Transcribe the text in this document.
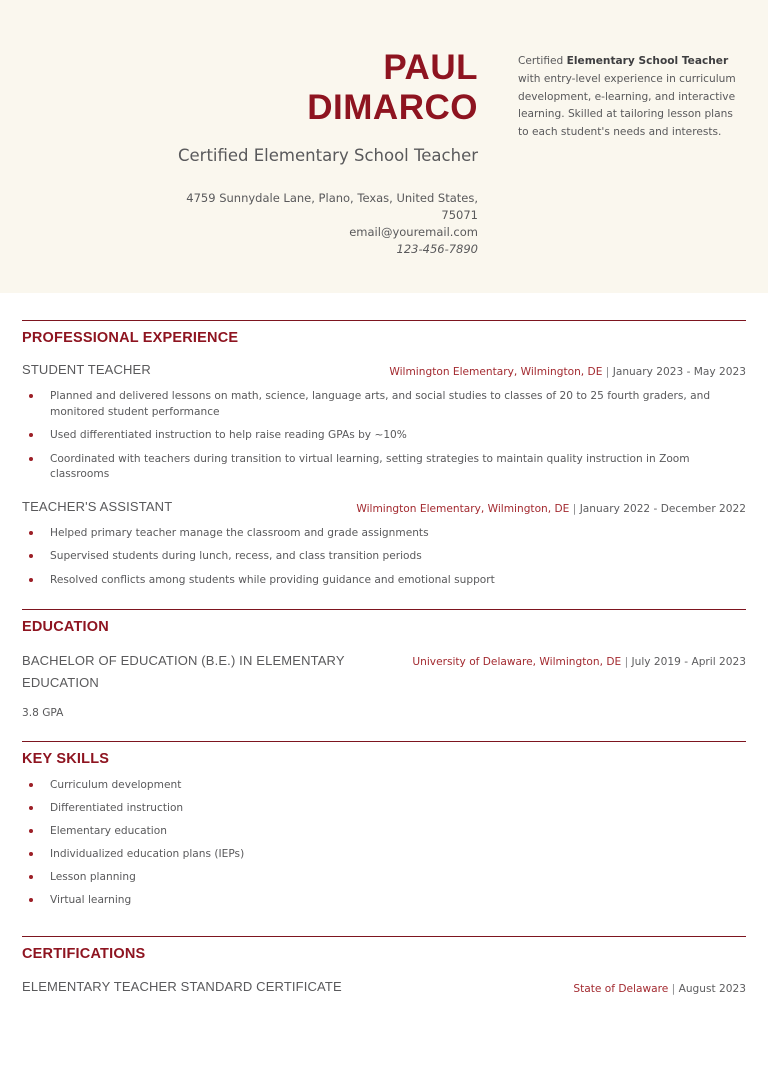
PAUL
DIMARCO
Certified Elementary School Teacher
4759 Sunnydale Lane, Plano, Texas, United States,
75071
email@youremail.com
123-456-7890
Certified Elementary School Teacher with entry-level experience in curriculum development, e-learning, and interactive learning. Skilled at tailoring lesson plans to each student's needs and interests.
PROFESSIONAL EXPERIENCE
STUDENT TEACHER	Wilmington Elementary, Wilmington, DE | January 2023 - May 2023
Planned and delivered lessons on math, science, language arts, and social studies to classes of 20 to 25 fourth graders, and monitored student performance
Used differentiated instruction to help raise reading GPAs by ~10%
Coordinated with teachers during transition to virtual learning, setting strategies to maintain quality instruction in Zoom classrooms
TEACHER'S ASSISTANT	Wilmington Elementary, Wilmington, DE | January 2022 - December 2022
Helped primary teacher manage the classroom and grade assignments
Supervised students during lunch, recess, and class transition periods
Resolved conflicts among students while providing guidance and emotional support
EDUCATION
BACHELOR OF EDUCATION (B.E.) IN ELEMENTARY EDUCATION
University of Delaware, Wilmington, DE | July 2019 - April 2023
3.8 GPA
KEY SKILLS
Curriculum development
Differentiated instruction
Elementary education
Individualized education plans (IEPs)
Lesson planning
Virtual learning
CERTIFICATIONS
ELEMENTARY TEACHER STANDARD CERTIFICATE	State of Delaware | August 2023
